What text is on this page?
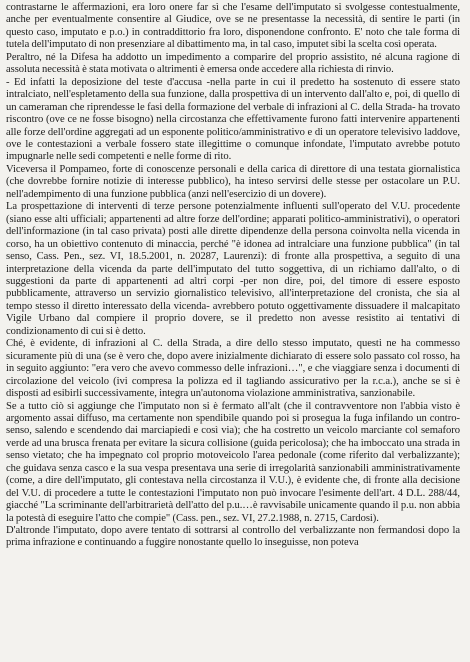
contrastarne le affermazioni, era loro onere far sì che l'esame dell'imputato si svolgesse contestualmente, anche per eventualmente consentire al Giudice, ove se ne presentasse la necessità, di sentire le parti (in questo caso, imputato e p.o.) in contraddittorio fra loro, disponendone confronto. E' noto che tale forma di tutela dell'imputato di non presenziare al dibattimento ma, in tal caso, imputet sibi la scelta così operata.

Peraltro, né la Difesa ha addotto un impedimento a comparire del proprio assistito, né alcuna ragione di assoluta necessità è stata motivata o altrimenti è emersa onde accedere alla richiesta di rinvio.

- Ed infatti la deposizione del teste d'accusa -nella parte in cui il predetto ha sostenuto di essere stato intralciato, nell'espletamento della sua funzione, dalla prospettiva di un intervento dall'alto e, poi, di quello di un cameraman che riprendesse le fasi della formazione del verbale di infrazioni al C. della Strada- ha trovato riscontro (ove ce ne fosse bisogno) nella circostanza che effettivamente furono fatti intervenire appartenenti alle forze dell'ordine aggregati ad un esponente politico/amministrativo e di un operatore televisivo laddove, ove le contestazioni a verbale fossero state illegittime o comunque infondate, l'imputato avrebbe potuto impugnarle nelle sedi competenti e nelle forme di rito.

Viceversa il Pompameo, forte di conoscenze personali e della carica di direttore di una testata giornalistica (che dovrebbe fornire notizie di interesse pubblico), ha inteso servirsi delle stesse per ostacolare un P.U. nell'adempimento di una funzione pubblica (anzi nell'esercizio di un dovere).

La prospettazione di interventi di terze persone potenzialmente influenti sull'operato del V.U. procedente (siano esse alti ufficiali; appartenenti ad altre forze dell'ordine; apparati politico-amministrativi), o operatori dell'informazione (in tal caso privata) posti alle dirette dipendenze della persona coinvolta nella vicenda in corso, ha un obiettivo contenuto di minaccia, perché "è idonea ad intralciare una funzione pubblica" (in tal senso, Cass. Pen., sez. VI, 18.5.2001, n. 20287, Laurenzi): di fronte alla prospettiva, a seguito di una interpretazione della vicenda da parte dell'imputato del tutto soggettiva, di un richiamo dall'alto, o di suggestioni da parte di appartenenti ad altri corpi -per non dire, poi, del timore di essere esposto pubblicamente, attraverso un servizio giornalistico televisivo, all'interpretazione del cronista, che sia al tempo stesso il diretto interessato della vicenda- avrebbero potuto oggettivamente dissuadere il malcapitato Vigile Urbano dal compiere il proprio dovere, se il predetto non avesse resistito ai tentativi di condizionamento di cui si è detto.

Ché, è evidente, di infrazioni al C. della Strada, a dire dello stesso imputato, questi ne ha commesso sicuramente più di una (se è vero che, dopo avere inizialmente dichiarato di essere solo passato col rosso, ha in seguito aggiunto: "era vero che avevo commesso delle infrazioni…", e che viaggiare senza i documenti di circolazione del veicolo (ivi compresa la polizza ed il tagliando assicurativo per la r.c.a.), anche se si è disposti ad esibirli successivamente, integra un'autonoma violazione amministrativa, sanzionabile.

Se a tutto ciò si aggiunge che l'imputato non si è fermato all'alt (che il contravventore non l'abbia visto è argomento assai diffuso, ma certamente non spendibile quando poi si prosegua la fuga infilando un contro-senso, salendo e scendendo dai marciapiedi e così via); che ha costretto un veicolo marciante col semaforo verde ad una brusca frenata per evitare la sicura collisione (guida pericolosa); che ha imboccato una strada in senso vietato; che ha impegnato col proprio motoveicolo l'area pedonale (come riferito dal verbalizzante); che guidava senza casco e la sua vespa presentava una serie di irregolarità sanzionabili amministrativamente (come, a dire dell'imputato, gli contestava nella circostanza il V.U.), è evidente che, di fronte alla decisione del V.U. di procedere a tutte le contestazioni l'imputato non può invocare l'esimente dell'art. 4 D.L. 288/44, giacché "La scriminante dell'arbitrarietà dell'atto del p.u.…è ravvisabile unicamente quando il p.u. non abbia la potestà di eseguire l'atto che compie" (Cass. pen., sez. VI, 27.2.1988, n. 2715, Cardosi).

D'altronde l'imputato, dopo avere tentato di sottrarsi al controllo del verbalizzante non fermandosi dopo la prima infrazione e continuando a fuggire nonostante quello lo inseguisse, non poteva
